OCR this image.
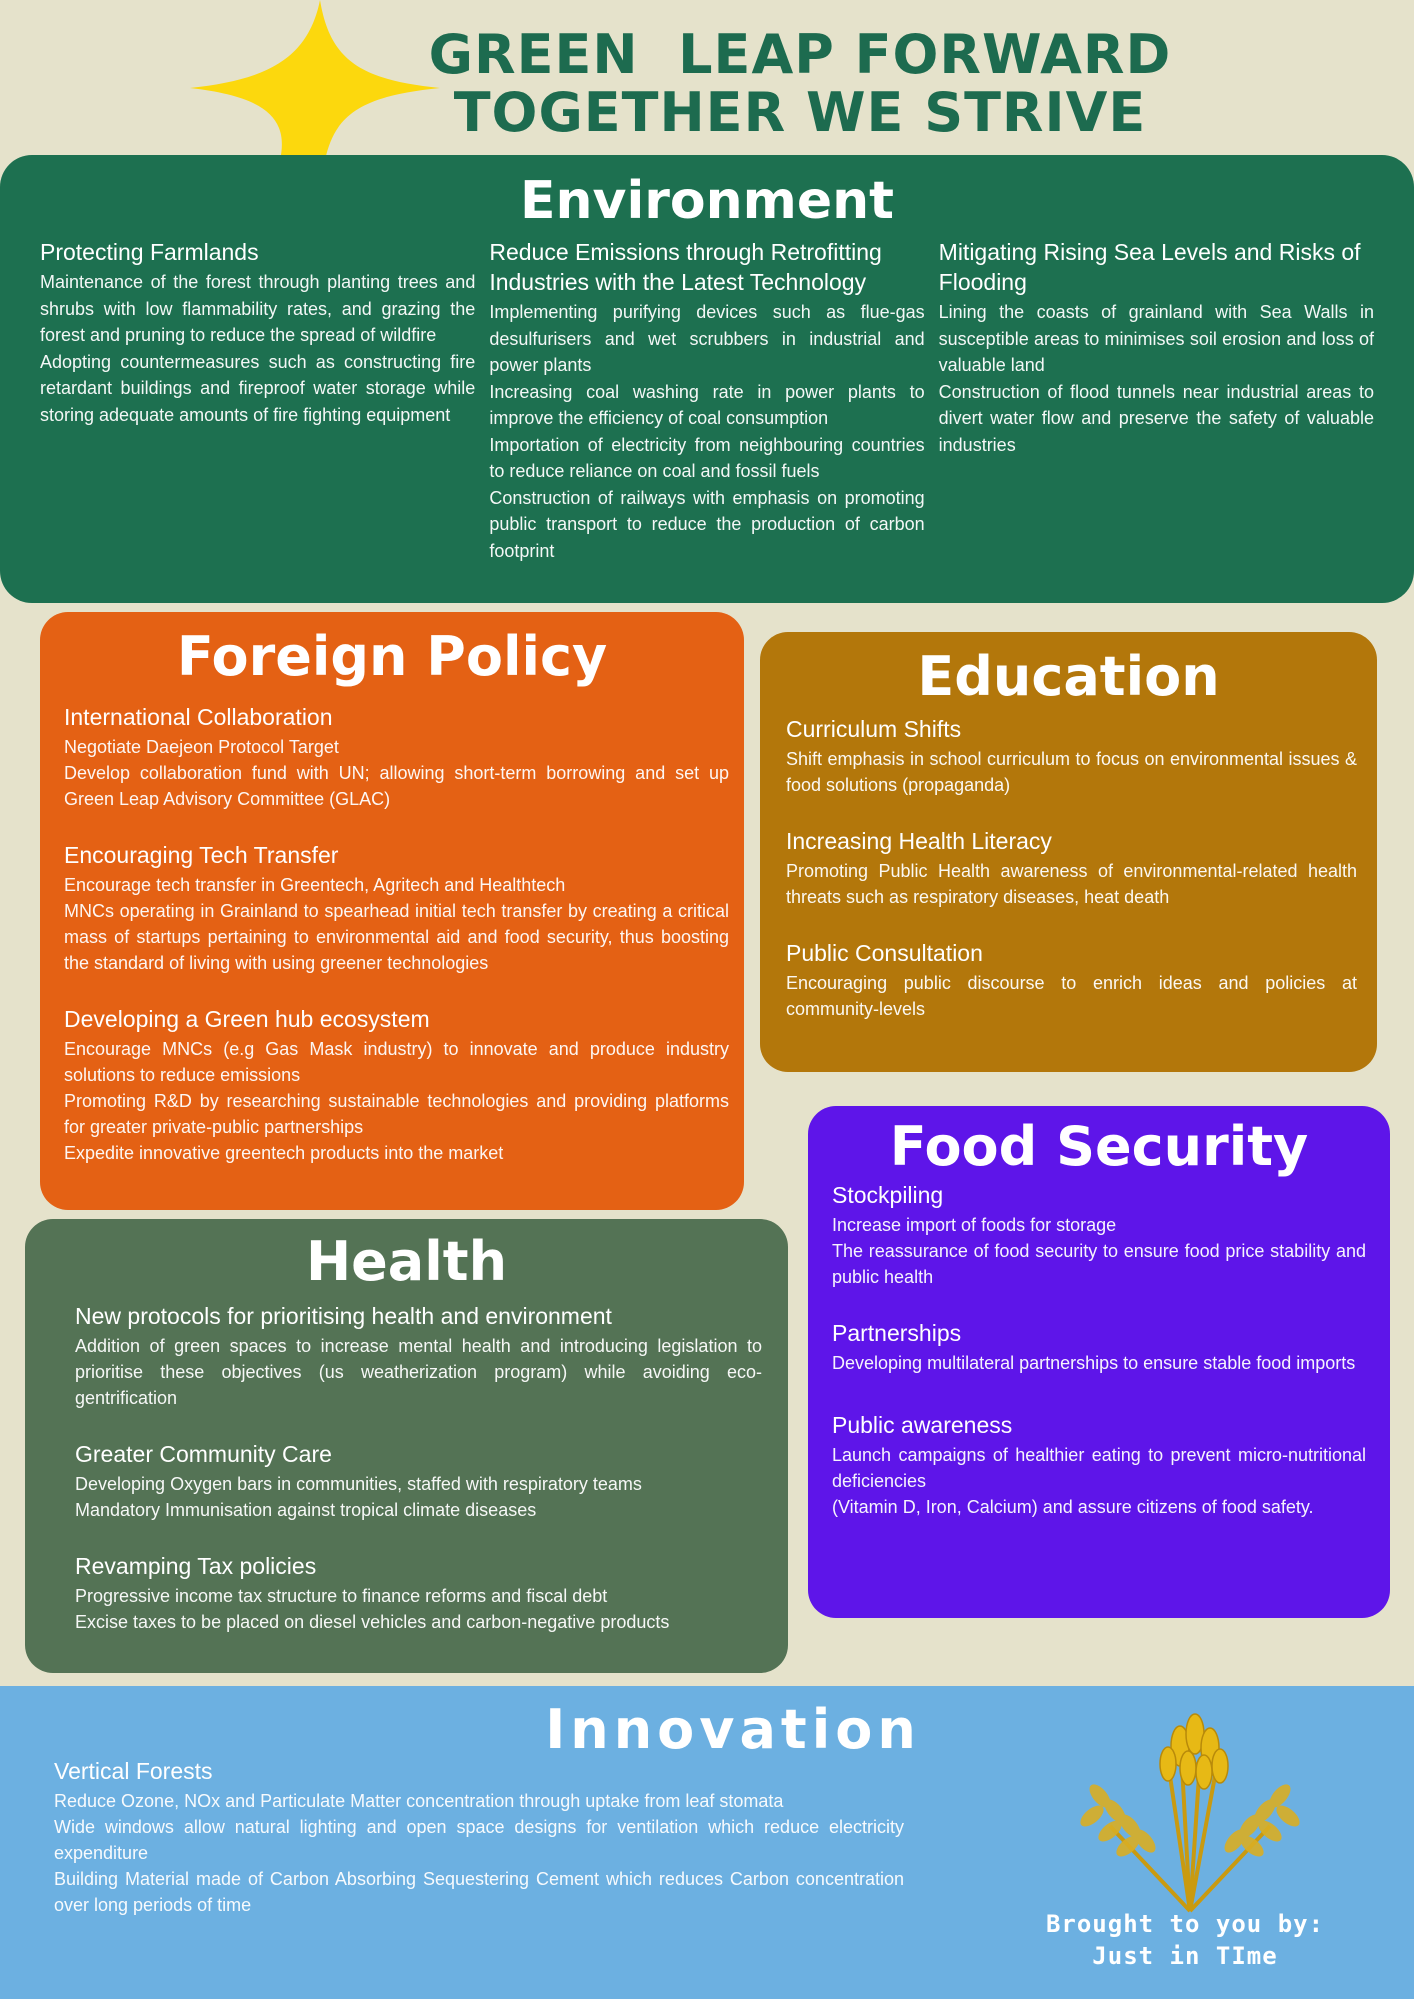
GREEN  LEAP FORWARD
TOGETHER WE STRIVE
Environment
Protecting Farmlands

Maintenance of the forest through planting trees and shrubs with low flammability rates, and grazing the forest and pruning to reduce the spread of wildfire

Adopting countermeasures such as constructing fire retardant buildings and fireproof water storage while storing adequate amounts of fire fighting equipment

Reduce Emissions through Retrofitting Industries with the Latest Technology

Implementing purifying devices such as flue-gas desulfurisers and wet scrubbers in industrial and power plants

Increasing coal washing rate in power plants to improve the efficiency of coal consumption

Importation of electricity from neighbouring countries to reduce reliance on coal and fossil fuels

Construction of railways with emphasis on promoting public transport to reduce the production of carbon footprint

Mitigating Rising Sea Levels and Risks of Flooding

Lining the coasts of grainland with Sea Walls in susceptible areas to minimises soil erosion and loss of valuable land

Construction of flood tunnels near industrial areas to divert water flow and preserve the safety of valuable industries

Foreign Policy
International Collaboration

Negotiate Daejeon Protocol Target

Develop collaboration fund with UN; allowing short-term borrowing and set up Green Leap Advisory Committee (GLAC)

Encouraging Tech Transfer

Encourage tech transfer in Greentech, Agritech and Healthtech

MNCs operating in Grainland to spearhead initial tech transfer by creating a critical mass of startups pertaining to environmental aid and food security, thus boosting the standard of living with using greener technologies

Developing a Green hub ecosystem

Encourage MNCs (e.g Gas Mask industry) to innovate and produce industry solutions to reduce emissions

Promoting R&D by researching sustainable technologies and providing platforms for greater private-public partnerships

Expedite innovative greentech products into the market

Education
Curriculum Shifts

Shift emphasis in school curriculum to focus on environmental issues & food solutions (propaganda)

Increasing Health Literacy

Promoting Public Health awareness of environmental-related health threats such as respiratory diseases, heat death

Public Consultation

Encouraging public discourse to enrich ideas and policies at community-levels

Food Security
Stockpiling

Increase import of foods for storage

The reassurance of food security to ensure food price stability and public health

Partnerships

Developing multilateral partnerships to ensure stable food imports

Public awareness

Launch campaigns of healthier eating to prevent micro-nutritional deficiencies

(Vitamin D, Iron, Calcium) and assure citizens of food safety.

Health
New protocols for prioritising health and environment

Addition of green spaces to increase mental health and introducing legislation to prioritise these objectives (us weatherization program) while avoiding eco-gentrification

Greater Community Care

Developing Oxygen bars in communities, staffed with respiratory teams

Mandatory Immunisation against tropical climate diseases

Revamping Tax policies

Progressive income tax structure to finance reforms and fiscal debt

Excise taxes to be placed on diesel vehicles and carbon-negative products

Innovation
Vertical Forests

Reduce Ozone, NOx and Particulate Matter concentration through uptake from leaf stomata

Wide windows allow natural lighting and open space designs for ventilation which reduce electricity expenditure

Building Material made of Carbon Absorbing Sequestering Cement which reduces Carbon concentration over long periods of time

Brought to you by:
Just in TIme
